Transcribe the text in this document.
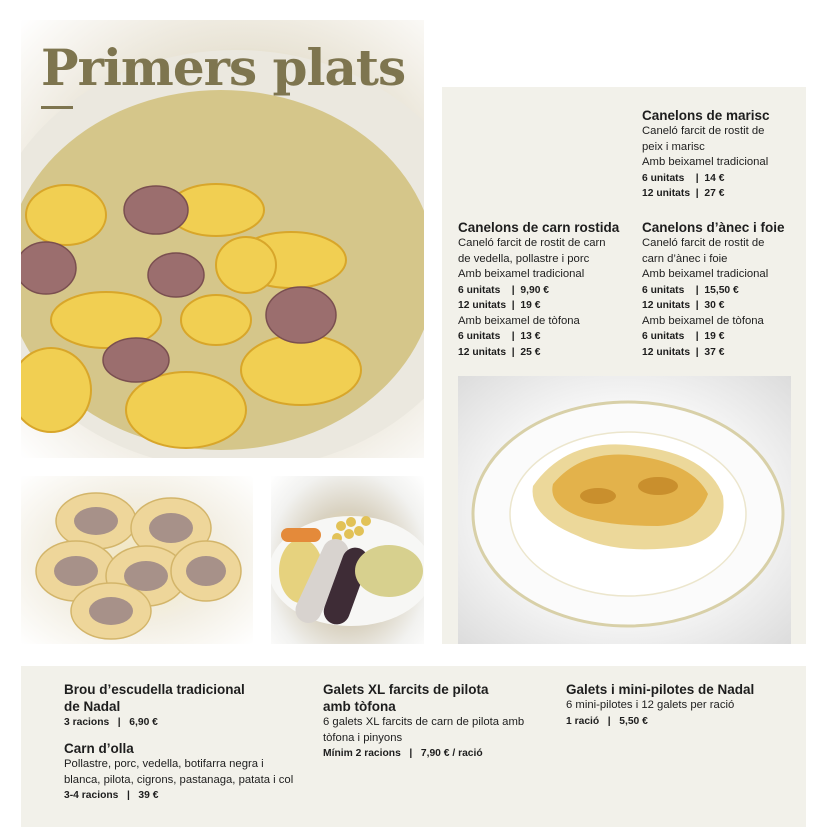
Primers plats
Canelons de marisc

Caneló farcit de rostit de

peix i marisc

Amb beixamel tradicional

6 unitats    |  14 €

12 unitats  |  27 €

Canelons de carn rostida

Caneló farcit de rostit de carn

de vedella, pollastre i porc

Amb beixamel tradicional

6 unitats    |  9,90 €

12 unitats  |  19 €

Amb beixamel de tòfona

6 unitats    |  13 €

12 unitats  |  25 €

Canelons d’ànec i foie

Caneló farcit de rostit de

carn d’ànec i foie

Amb beixamel tradicional

6 unitats    |  15,50 €

12 unitats  |  30 €

Amb beixamel de tòfona

6 unitats    |  19 €

12 unitats  |  37 €

Brou d’escudella tradicional
de Nadal

3 racions   |   6,90 €

Carn d’olla

Pollastre, porc, vedella, botifarra negra i

blanca, pilota, cigrons, pastanaga, patata i col

3-4 racions   |   39 €

Galets XL farcits de pilota
amb tòfona

6 galets XL farcits de carn de pilota amb

tòfona i pinyons

Mínim 2 racions   |   7,90 € / ració

Galets i mini-pilotes de Nadal

6 mini-pilotes i 12 galets per ració

1 ració   |   5,50 €
